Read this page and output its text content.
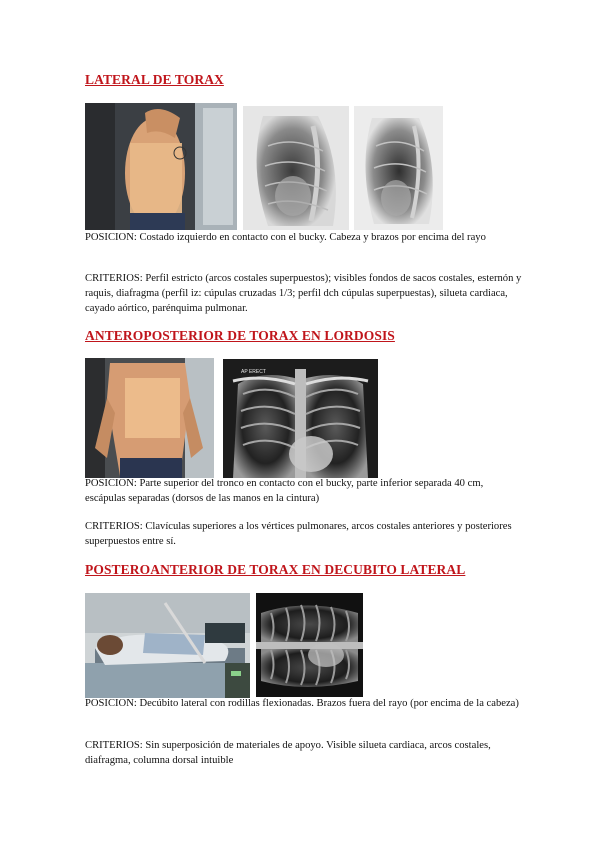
LATERAL DE TORAX
POSICION: Costado izquierdo en contacto con el bucky. Cabeza y brazos por encima del rayo
CRITERIOS: Perfil estricto (arcos costales superpuestos); visibles fondos de sacos costales, esternón y raquis, diafragma (perfil iz: cúpulas cruzadas 1/3; perfil dch cúpulas superpuestas), silueta cardiaca, cayado aórtico, parénquima pulmonar.
ANTEROPOSTERIOR DE TORAX EN LORDOSIS
AP ERECT
POSICION: Parte superior del tronco en contacto con el bucky, parte inferior separada 40 cm, escápulas separadas (dorsos de las manos en la cintura)
CRITERIOS: Clavículas superiores a los vértices pulmonares, arcos costales anteriores y posteriores superpuestos entre sí.
POSTEROANTERIOR DE TORAX EN DECUBITO LATERAL
POSICION: Decúbito lateral con rodillas flexionadas. Brazos fuera del rayo (por encima de la cabeza)
CRITERIOS: Sin superposición de materiales de apoyo. Visible silueta cardiaca, arcos costales, diafragma, columna dorsal intuible
